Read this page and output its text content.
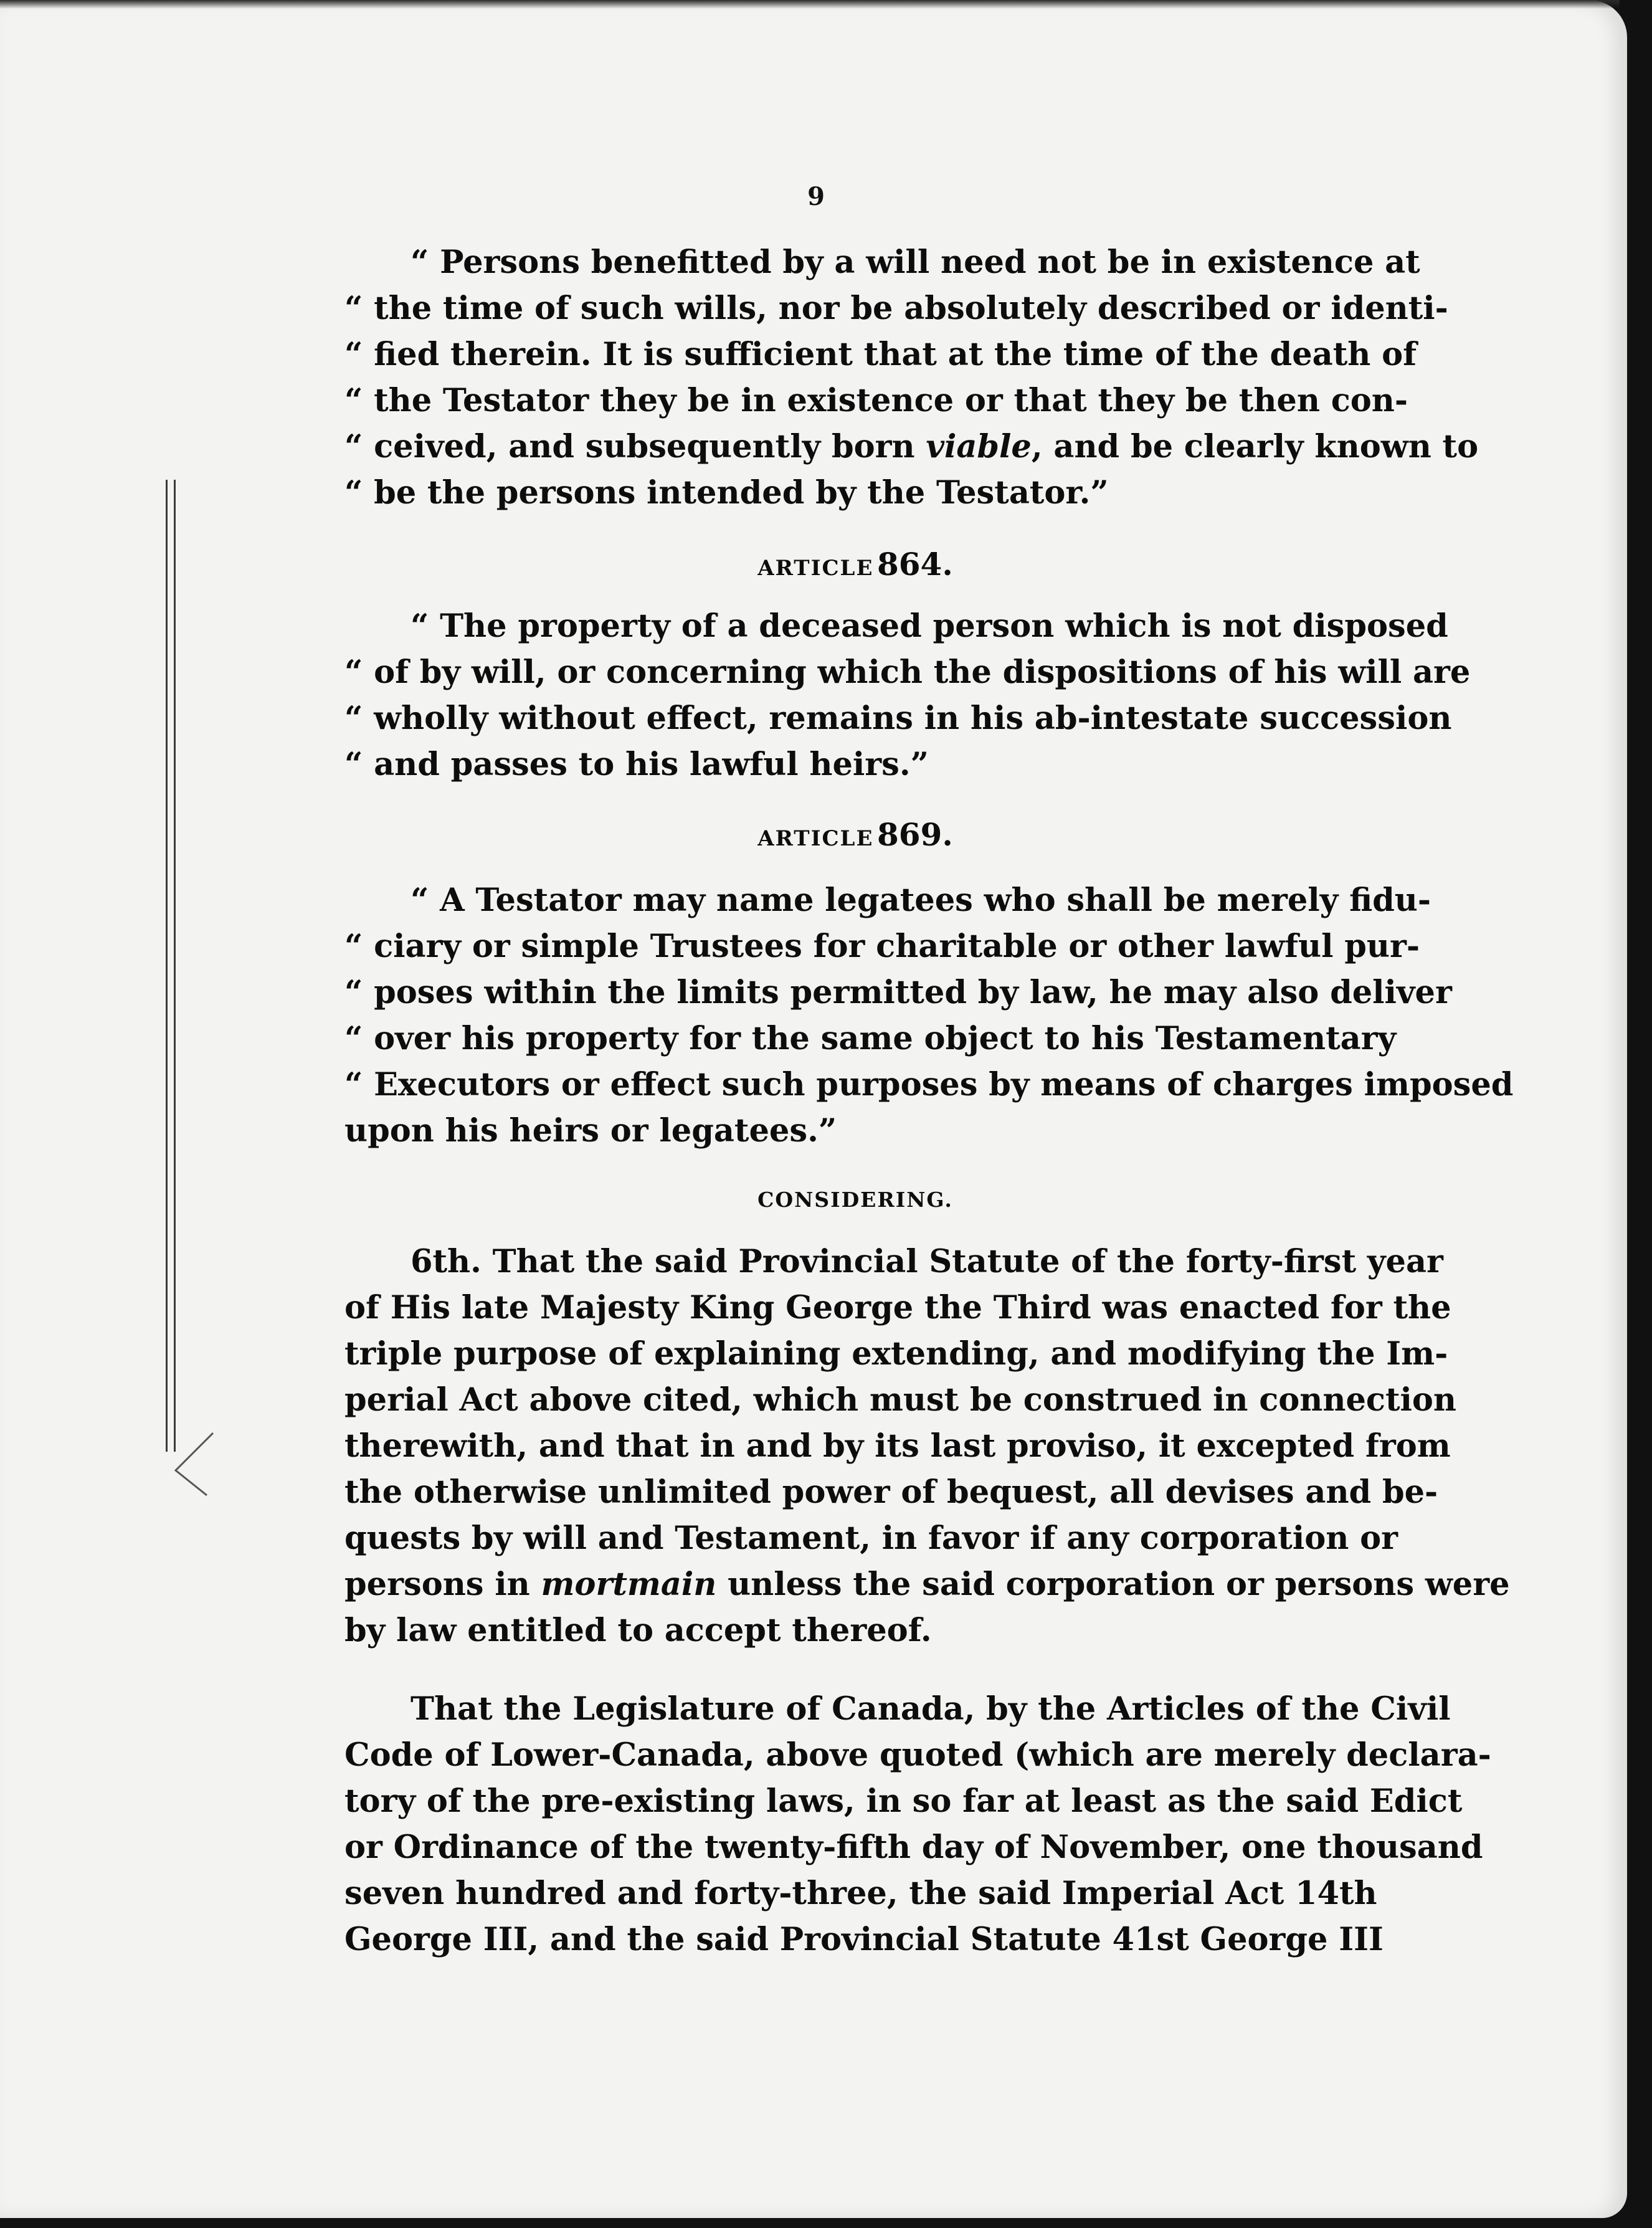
9
“ Persons benefitted by a will need not be in existence at
“ the time of such wills, nor be absolutely described or identi-
“ fied therein. It is sufficient that at the time of the death of
“ the Testator they be in existence or that they be then con-
“ ceived, and subsequently born viable, and be clearly known to
“ be the persons intended by the Testator.”
ARTICLE 864.
“ The property of a deceased person which is not disposed
“ of by will, or concerning which the dispositions of his will are
“ wholly without effect, remains in his ab-intestate succession
“ and passes to his lawful heirs.”
ARTICLE 869.
“ A Testator may name legatees who shall be merely fidu-
“ ciary or simple Trustees for charitable or other lawful pur-
“ poses within the limits permitted by law, he may also deliver
“ over his property for the same object to his Testamentary
“ Executors or effect such purposes by means of charges imposed
upon his heirs or legatees.”
CONSIDERING.
6th. That the said Provincial Statute of the forty-first year
of His late Majesty King George the Third was enacted for the
triple purpose of explaining extending, and modifying the Im-
perial Act above cited, which must be construed in connection
therewith, and that in and by its last proviso, it excepted from
the otherwise unlimited power of bequest, all devises and be-
quests by will and Testament, in favor if any corporation or
persons in mortmain unless the said corporation or persons were
by law entitled to accept thereof.
That the Legislature of Canada, by the Articles of the Civil
Code of Lower-Canada, above quoted (which are merely declara-
tory of the pre-existing laws, in so far at least as the said Edict
or Ordinance of the twenty-fifth day of November, one thousand
seven hundred and forty-three, the said Imperial Act 14th
George III, and the said Provincial Statute 41st George III
